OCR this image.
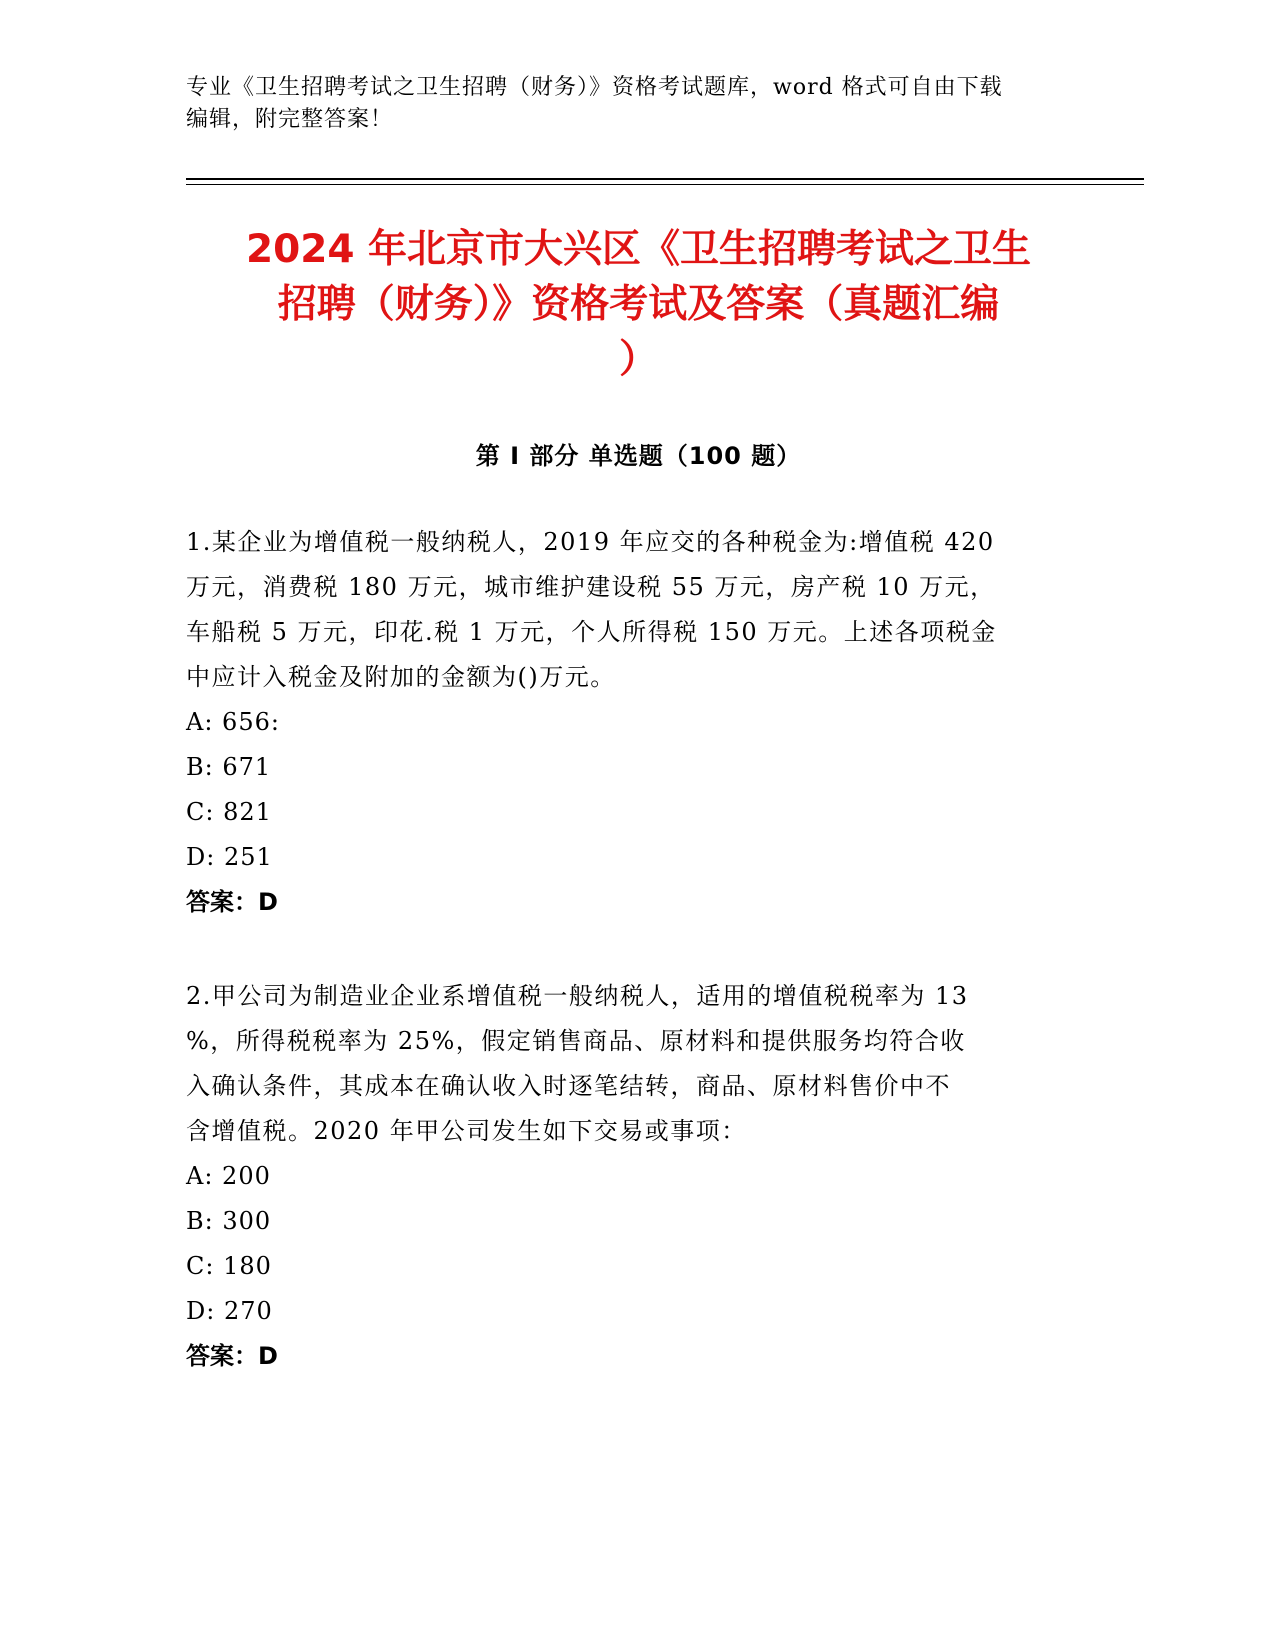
专业《卫生招聘考试之卫生招聘（财务）》资格考试题库，word 格式可自由下载
编辑，附完整答案！
2024 年北京市大兴区《卫生招聘考试之卫生
招聘（财务）》资格考试及答案（真题汇编
）
第 I 部分 单选题（100 题）
1.某企业为增值税一般纳税人，2019 年应交的各种税金为:增值税 420
万元，消费税 180 万元，城市维护建设税 55 万元，房产税 10 万元，
车船税 5 万元，印花.税 1 万元，个人所得税 150 万元。上述各项税金
中应计入税金及附加的金额为()万元。
A: 656:
B: 671
C: 821
D: 251
答案：D
2.甲公司为制造业企业系增值税一般纳税人，适用的增值税税率为 13
%，所得税税率为 25%，假定销售商品、原材料和提供服务均符合收
入确认条件，其成本在确认收入时逐笔结转，商品、原材料售价中不
含增值税。2020 年甲公司发生如下交易或事项：
A: 200
B: 300
C: 180
D: 270
答案：D
